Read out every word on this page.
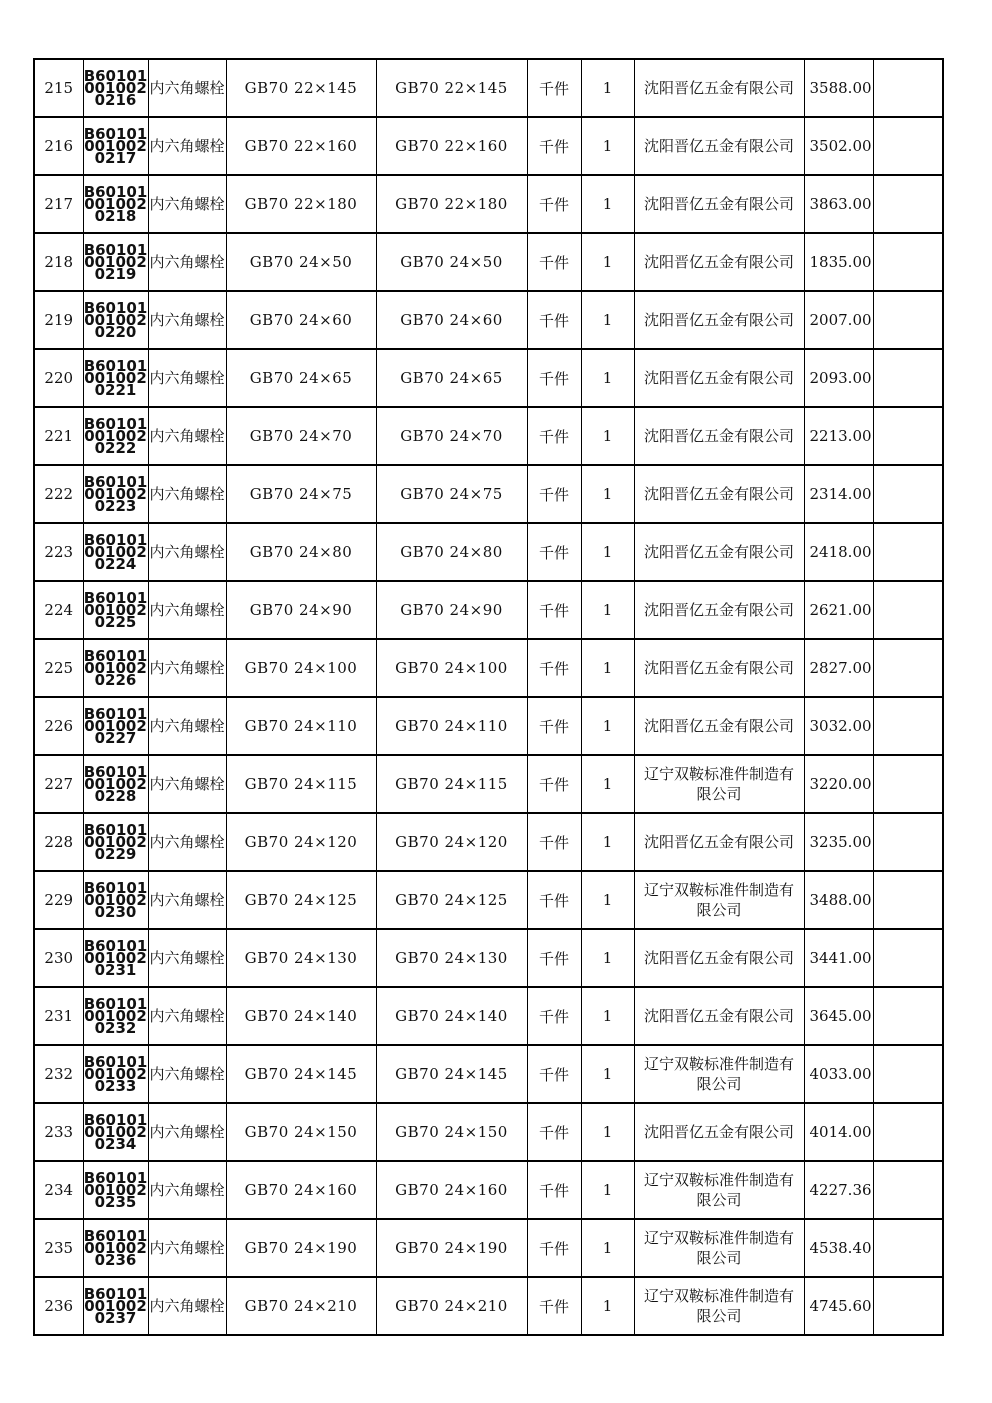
215	B601010010020216	内六角螺栓	GB70 22×145	GB70 22×145	千件	1	沈阳晋亿五金有限公司	3588.00	
216	B601010010020217	内六角螺栓	GB70 22×160	GB70 22×160	千件	1	沈阳晋亿五金有限公司	3502.00	
217	B601010010020218	内六角螺栓	GB70 22×180	GB70 22×180	千件	1	沈阳晋亿五金有限公司	3863.00	
218	B601010010020219	内六角螺栓	GB70 24×50	GB70 24×50	千件	1	沈阳晋亿五金有限公司	1835.00	
219	B601010010020220	内六角螺栓	GB70 24×60	GB70 24×60	千件	1	沈阳晋亿五金有限公司	2007.00	
220	B601010010020221	内六角螺栓	GB70 24×65	GB70 24×65	千件	1	沈阳晋亿五金有限公司	2093.00	
221	B601010010020222	内六角螺栓	GB70 24×70	GB70 24×70	千件	1	沈阳晋亿五金有限公司	2213.00	
222	B601010010020223	内六角螺栓	GB70 24×75	GB70 24×75	千件	1	沈阳晋亿五金有限公司	2314.00	
223	B601010010020224	内六角螺栓	GB70 24×80	GB70 24×80	千件	1	沈阳晋亿五金有限公司	2418.00	
224	B601010010020225	内六角螺栓	GB70 24×90	GB70 24×90	千件	1	沈阳晋亿五金有限公司	2621.00	
225	B601010010020226	内六角螺栓	GB70 24×100	GB70 24×100	千件	1	沈阳晋亿五金有限公司	2827.00	
226	B601010010020227	内六角螺栓	GB70 24×110	GB70 24×110	千件	1	沈阳晋亿五金有限公司	3032.00	
227	B601010010020228	内六角螺栓	GB70 24×115	GB70 24×115	千件	1	辽宁双鞍标准件制造有限公司	3220.00	
228	B601010010020229	内六角螺栓	GB70 24×120	GB70 24×120	千件	1	沈阳晋亿五金有限公司	3235.00	
229	B601010010020230	内六角螺栓	GB70 24×125	GB70 24×125	千件	1	辽宁双鞍标准件制造有限公司	3488.00	
230	B601010010020231	内六角螺栓	GB70 24×130	GB70 24×130	千件	1	沈阳晋亿五金有限公司	3441.00	
231	B601010010020232	内六角螺栓	GB70 24×140	GB70 24×140	千件	1	沈阳晋亿五金有限公司	3645.00	
232	B601010010020233	内六角螺栓	GB70 24×145	GB70 24×145	千件	1	辽宁双鞍标准件制造有限公司	4033.00	
233	B601010010020234	内六角螺栓	GB70 24×150	GB70 24×150	千件	1	沈阳晋亿五金有限公司	4014.00	
234	B601010010020235	内六角螺栓	GB70 24×160	GB70 24×160	千件	1	辽宁双鞍标准件制造有限公司	4227.36	
235	B601010010020236	内六角螺栓	GB70 24×190	GB70 24×190	千件	1	辽宁双鞍标准件制造有限公司	4538.40	
236	B601010010020237	内六角螺栓	GB70 24×210	GB70 24×210	千件	1	辽宁双鞍标准件制造有限公司	4745.60	
